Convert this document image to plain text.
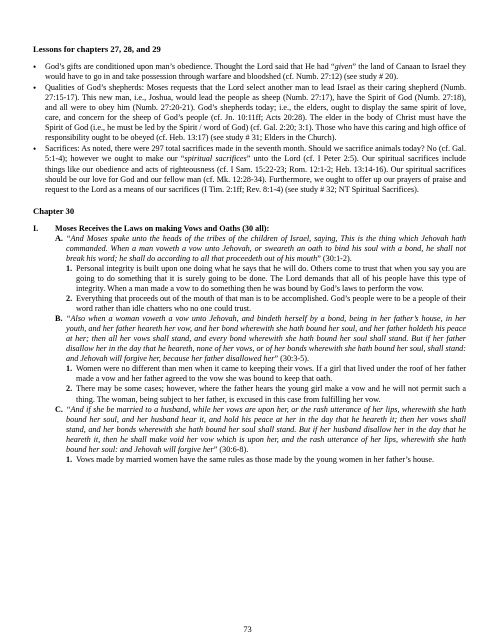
Lessons for chapters 27, 28, and 29
• God’s gifts are conditioned upon man’s obedience. Thought the Lord said that He had “given” the land of Canaan to Israel they would have to go in and take possession through warfare and bloodshed (cf. Numb. 27:12) (see study # 20).
• Qualities of God’s shepherds: Moses requests that the Lord select another man to lead Israel as their caring shepherd (Numb. 27:15-17). This new man, i.e., Joshua, would lead the people as sheep (Numb. 27:17), have the Spirit of God (Numb. 27:18), and all were to obey him (Numb. 27:20-21). God’s shepherds today; i.e., the elders, ought to display the same spirit of love, care, and concern for the sheep of God’s people (cf. Jn. 10:11ff; Acts 20:28). The elder in the body of Christ must have the Spirit of God (i.e., he must be led by the Spirit / word of God) (cf. Gal. 2:20; 3:1). Those who have this caring and high office of responsibility ought to be obeyed (cf. Heb. 13:17) (see study # 31; Elders in the Church).
• Sacrifices: As noted, there were 297 total sacrifices made in the seventh month. Should we sacrifice animals today? No (cf. Gal. 5:1-4); however we ought to make our “spiritual sacrifices” unto the Lord (cf. I Peter 2:5). Our spiritual sacrifices include things like our obedience and acts of righteousness (cf. I Sam. 15:22-23; Rom. 12:1-2; Heb. 13:14-16). Our spiritual sacrifices should be our love for God and our fellow man (cf. Mk. 12:28-34). Furthermore, we ought to offer up our prayers of praise and request to the Lord as a means of our sacrifices (I Tim. 2:1ff; Rev. 8:1-4) (see study # 32; NT Spiritual Sacrifices).
Chapter 30
I. Moses Receives the Laws on making Vows and Oaths (30 all):
A. “And Moses spake unto the heads of the tribes of the children of Israel, saying, This is the thing which Jehovah hath commanded. When a man voweth a vow unto Jehovah, or sweareth an oath to bind his soul with a bond, he shall not break his word; he shall do according to all that proceedeth out of his mouth” (30:1-2).
1. Personal integrity is built upon one doing what he says that he will do. Others come to trust that when you say you are going to do something that it is surely going to be done. The Lord demands that all of his people have this type of integrity. When a man made a vow to do something then he was bound by God’s laws to perform the vow.
2. Everything that proceeds out of the mouth of that man is to be accomplished. God’s people were to be a people of their word rather than idle chatters who no one could trust.
B. “Also when a woman voweth a vow unto Jehovah, and bindeth herself by a bond, being in her father’s house, in her youth, and her father heareth her vow, and her bond wherewith she hath bound her soul, and her father holdeth his peace at her; then all her vows shall stand, and every bond wherewith she hath bound her soul shall stand. But if her father disallow her in the day that he heareth, none of her vows, or of her bonds wherewith she hath bound her soul, shall stand: and Jehovah will forgive her, because her father disallowed her” (30:3-5).
1. Women were no different than men when it came to keeping their vows. If a girl that lived under the roof of her father made a vow and her father agreed to the vow she was bound to keep that oath.
2. There may be some cases; however, where the father hears the young girl make a vow and he will not permit such a thing. The woman, being subject to her father, is excused in this case from fulfilling her vow.
C. “And if she be married to a husband, while her vows are upon her, or the rash utterance of her lips, wherewith she hath bound her soul, and her husband hear it, and hold his peace at her in the day that he heareth it; then her vows shall stand, and her bonds wherewith she hath bound her soul shall stand. But if her husband disallow her in the day that he heareth it, then he shall make void her vow which is upon her, and the rash utterance of her lips, wherewith she hath bound her soul: and Jehovah will forgive her” (30:6-8).
1. Vows made by married women have the same rules as those made by the young women in her father’s house.
73
